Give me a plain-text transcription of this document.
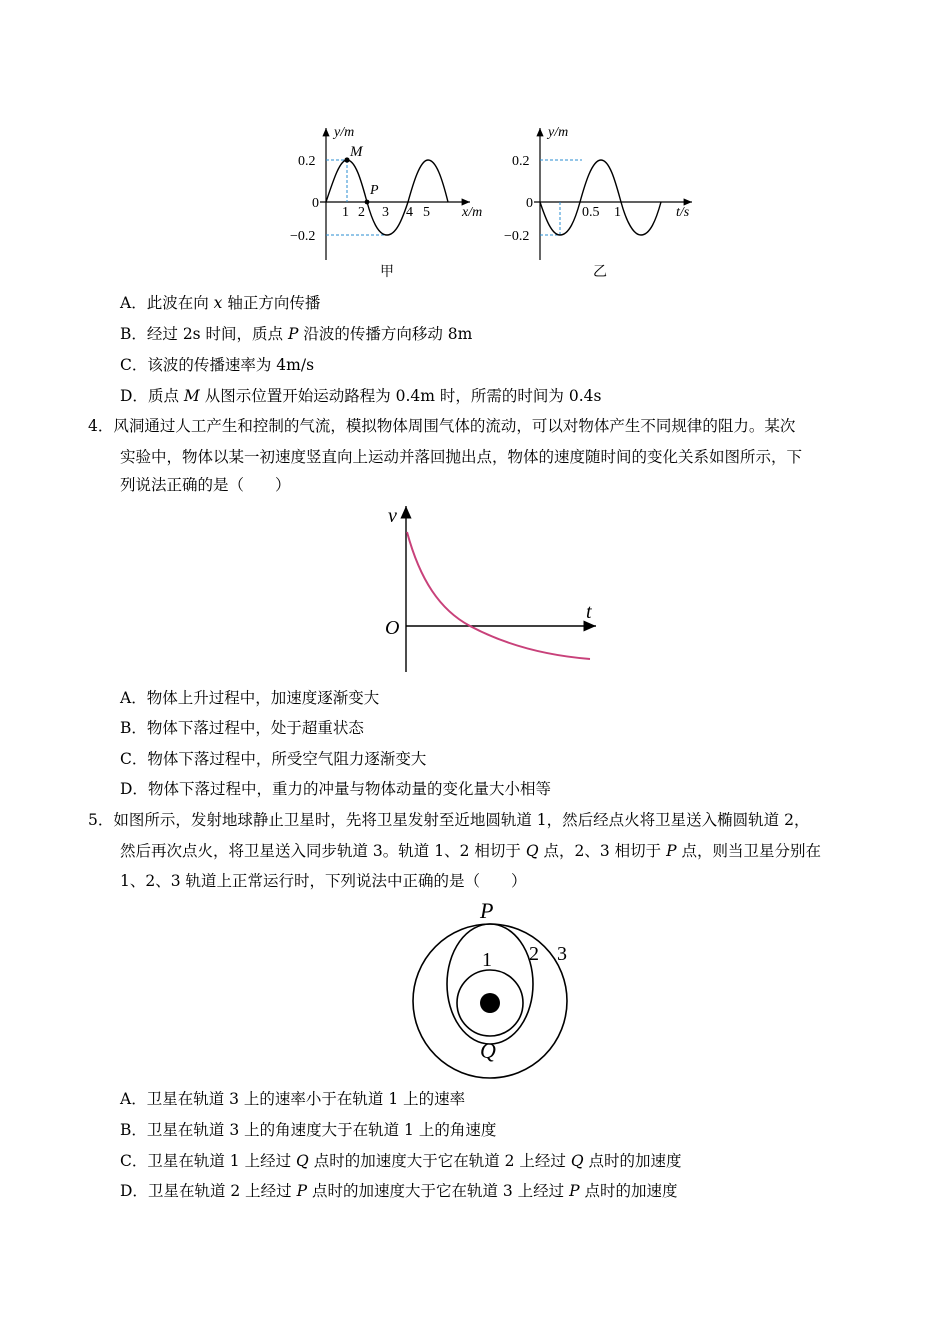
M
P
y/m
x/m
0.2
−0.2
0
1 2 3 4 5
甲
y/m
t/s
0.2
−0.2
0
0.5 1
乙
A．此波在向 x 轴正方向传播
B．经过 2s 时间，质点 P 沿波的传播方向移动 8m
C．该波的传播速率为 4m/s
D．质点 M 从图示位置开始运动路程为 0.4m 时，所需的时间为 0.4s
4．风洞通过人工产生和控制的气流，模拟物体周围气体的流动，可以对物体产生不同规律的阻力。某次
实验中，物体以某一初速度竖直向上运动并落回抛出点，物体的速度随时间的变化关系如图所示，下
列说法正确的是（　　）
v
t
O
A．物体上升过程中，加速度逐渐变大
B．物体下落过程中，处于超重状态
C．物体下落过程中，所受空气阻力逐渐变大
D．物体下落过程中，重力的冲量与物体动量的变化量大小相等
5．如图所示，发射地球静止卫星时，先将卫星发射至近地圆轨道 1，然后经点火将卫星送入椭圆轨道 2，
然后再次点火，将卫星送入同步轨道 3。轨道 1、2 相切于 Q 点，2、3 相切于 P 点，则当卫星分别在
1、2、3 轨道上正常运行时，下列说法中正确的是（　　）
P
Q
1 2 3
A．卫星在轨道 3 上的速率小于在轨道 1 上的速率
B．卫星在轨道 3 上的角速度大于在轨道 1 上的角速度
C．卫星在轨道 1 上经过 Q 点时的加速度大于它在轨道 2 上经过 Q 点时的加速度
D．卫星在轨道 2 上经过 P 点时的加速度大于它在轨道 3 上经过 P 点时的加速度
